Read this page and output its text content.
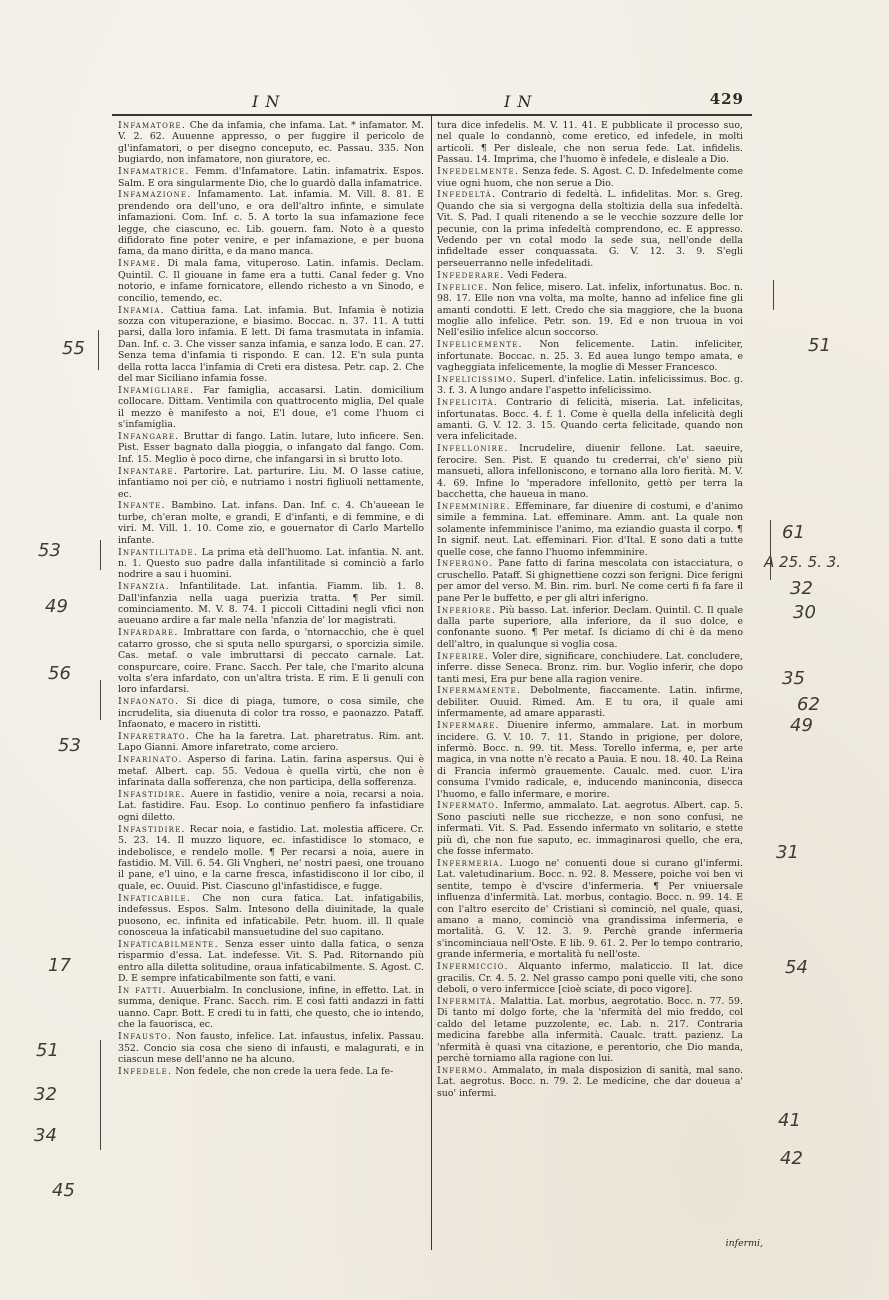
I N	I N	429
Infamatore. Che da infamia, che infama. Lat. * infamator. M. V. 2. 62. Auuenne appresso, o per fuggire il pericolo de gl'infamatori, o per disegno conceputo, ec. Passau. 335. Non bugiardo, non infamatore, non giuratore, ec.
Infamatrice. Femm. d'Infamatore. Latin. infamatrix. Espos. Salm. E ora singularmente Dio, che lo guardò dalla infamatrice.
Infamazione. Infamamento. Lat. infamia. M. Vill. 8. 81. E prendendo ora dell'uno, e ora dell'altro infinte, e simulate infamazioni. Com. Inf. c. 5. A torto la sua infamazione fece legge, che ciascuno, ec. Lib. gouern. fam. Noto è a questo difidorato fine poter venire, e per infamazione, e per buona fama, da mano diritta, e da mano manca.
Infame. Di mala fama, vituperoso. Latin. infamis. Declam. Quintil. C. Il giouane in fame era a tutti. Canal feder g. Vno notorio, e infame fornicatore, ellendo richesto a vn Sinodo, e concilio, temendo, ec.
Infamia. Cattiua fama. Lat. infamia. But. Infamia è notizia sozza con vituperazione, e biasimo. Boccac. n. 37. 11. A tutti parsi, dalla loro infamia. E lett. Di fama trasmutata in infamia. Dan. Inf. c. 3. Che visser sanza infamia, e sanza lodo. E can. 27. Senza tema d'infamia ti rispondo. E can. 12. E'n sula punta della rotta lacca l'infamia di Creti era distesa. Petr. cap. 2. Che del mar Siciliano infamia fosse.
Infamigliare. Far famiglia, accasarsi. Latin. domicilium collocare. Dittam. Ventimila con quattrocento miglia, Del quale il mezzo è manifesto a noi, E'l doue, e'l come l'huom ci s'infamiglia.
Infangare. Bruttar di fango. Latin. lutare, luto inficere. Sen. Pist. Esser bagnato dalla pioggia, o infangato dal fango. Com. Inf. 15. Meglio è poco dirne, che infangarsi in sì brutto loto.
Infantare. Partorire. Lat. parturire. Liu. M. O lasse catiue, infantiamo noi per ciò, e nutriamo i nostri figliuoli nettamente, ec.
Infante. Bambino. Lat. infans. Dan. Inf. c. 4. Ch'aueean le turbe, ch'eran molte, e grandi, E d'infanti, e di femmine, e di viri. M. Vill. 1. 10. Come zio, e gouernator di Carlo Martello infante.
Infantilitade. La prima età dell'huomo. Lat. infantia. N. ant. n. 1. Questo suo padre dalla infantilitade si cominciò a farlo nodrire a sau i huomini.
Infanzia. Infantilitade. Lat. infantia. Fiamm. lib. 1. 8. Dall'infanzia nella uaga puerizia tratta. ¶ Per simil. cominciamento. M. V. 8. 74. I piccoli Cittadini negli vfici non aueuano ardire a far male nella 'nfanzia de' lor magistrati.
Infardare. Imbrattare con farda, o 'ntornacchio, che è quel catarro grosso, che si sputa nello spurgarsi, o sporcizia simile. Cas. metaf. o vale imbruttarsi di peccato carnale. Lat. conspurcare, coire. Franc. Sacch. Per tale, che l'marito alcuna volta s'era infardato, con un'altra trista. E rim. E li genuli con loro infardarsi.
Infaonato. Si dice di piaga, tumore, o cosa simile, che incrudelita, sia diuenuta di color tra rosso, e paonazzo. Pataff. Infaonato, e macero in ristitti.
Infaretrato. Che ha la faretra. Lat. pharetratus. Rim. ant. Lapo Gianni. Amore infaretrato, come arciero.
Infarinato. Asperso di farina. Latin. farina aspersus. Qui è metaf. Albert. cap. 55. Vedoua è quella virtù, che non è infarinata dalla sofferenza, che non participa, della sofferenza.
Infastidire. Auere in fastidio, venire a noia, recarsi a noia. Lat. fastidire. Fau. Esop. Lo continuo penfiero fa infastidiare ogni diletto.
Infastidire. Recar noia, e fastidio. Lat. molestia afficere. Cr. 5. 23. 14. Il muzzo liquore, ec. infastidisce lo stomaco, e indebolisce, e rendelo molle. ¶ Per recarsi a noia, auere in fastidio. M. Vill. 6. 54. Gli Vngheri, ne' nostri paesi, one trouano il pane, e'l uino, e la carne fresca, infastidiscono il lor cibo, il quale, ec. Ouuid. Pist. Ciascuno gl'infastidisce, e fugge.
Infaticabile. Che non cura fatica. Lat. infatigabilis, indefessus. Espos. Salm. Intesono della diuinitade, la quale puosono, ec. infinita ed infaticabile. Petr. huom. ill. Il quale conosceua la infaticabil mansuetudine del suo capitano.
Infaticabilmente. Senza esser uinto dalla fatica, o senza risparmio d'essa. Lat. indefesse. Vit. S. Pad. Ritornando più entro alla diletta solitudine, oraua infaticabilmente. S. Agost. C. D. E sempre infaticabilmente son fatti, e vani.
In fatti. Auuerbialm. In conclusione, infine, in effetto. Lat. in summa, denique. Franc. Sacch. rim. E così fatti andazzi in fatti uanno. Capr. Bott. E credi tu in fatti, che questo, che io intendo, che la fauorisca, ec.
Infausto. Non fausto, infelice. Lat. infaustus, infelix. Passau. 352. Concio sia cosa che sieno di infausti, e malagurati, e in ciascun mese dell'anno ne ha alcuno.
Infedele. Non fedele, che non crede la uera fede. La fe-
tura dice infedelis. M. V. 11. 41. E pubblicate il processo suo, nel quale lo condannò, come eretico, ed infedele, in molti articoli. ¶ Per disleale, che non serua fede. Lat. infidelis. Passau. 14. Imprima, che l'huomo è infedele, e disleale a Dio.
Infedelmente. Senza fede. S. Agost. C. D. Infedelmente come viue ogni huom, che non serue a Dio.
Infedeltà. Contrario di fedeltà. L. infidelitas. Mor. s. Greg. Quando che sia si vergogna della stoltizia della sua infedeltà. Vit. S. Pad. I quali ritenendo a se le vecchie sozzure delle lor pecunie, con la prima infedeltà comprendono, ec. E appresso. Vedendo per vn cotal modo la sede sua, nell'onde della infideltade esser conquassata. G. V. 12. 3. 9. S'egli perseuerranno nelle infedelitadi.
Infederare. Vedi Federa.
Infelice. Non felice, misero. Lat. infelix, infortunatus. Boc. n. 98. 17. Elle non vna volta, ma molte, hanno ad infelice fine gli amanti condotti. E lett. Credo che sia maggiore, che la buona moglie allo infelice. Petr. son. 19. Ed e non truoua in voi Nell'esilio infelice alcun soccorso.
Infelicemente. Non felicemente. Latin. infeliciter, infortunate. Boccac. n. 25. 3. Ed auea lungo tempo amata, e vagheggiata infelicemente, la moglie di Messer Francesco.
Infelicissimo. Superl. d'infelice. Latin. infelicissimus. Boc. g. 3. f. 3. A lungo andare l'aspetto infelicissimo.
Infelicità. Contrario di felicità, miseria. Lat. infelicitas, infortunatas. Bocc. 4. f. 1. Come è quella della infelicità degli amanti. G. V. 12. 3. 15. Quando certa felicitade, quando non vera infelicitade.
Infellonire. Incrudelire, diuenir fellone. Lat. saeuire, ferocire. Sen. Pist. E quando tu crederrai, ch'e' sieno più mansueti, allora infellonisconо, e tornano alla loro fierità. M. V. 4. 69. Infine lo 'mperadore infellonito, gettò per terra la bacchetta, che haueua in mano.
Infemminire. Effeminare, far diuenire di costumi, e d'animo simile a femmina. Lat. effeminare. Amm. ant. La quale non solamente infemminisce l'animo, ma eziandio guasta il corpo. ¶ In signif. neut. Lat. effeminari. Fior. d'Ital. E sono dati a tutte quelle cose, che fanno l'huomo infemminire.
Infergno. Pane fatto di farina mescolata con istacciatura, o cruschello. Pataff. Si ghignettiene cozzi son ferigni. Dice ferigni per amor del verso. M. Bin. rim. burl. Ne come certi fi fa fare il pane Per le buffetto, e per gli altri inferigno.
Inferiore. Più basso. Lat. inferior. Declam. Quintil. C. Il quale dalla parte superiore, alla inferiore, da il suo dolce, e confonante suono. ¶ Per metaf. Is diciamo di chi è da meno dell'altro, in qualunque si voglia cosa.
Inferire. Voler dire, significare, conchiudere. Lat. concludere, inferre. disse Seneca. Bronz. rim. bur. Voglio inferir, che dopo tanti mesi, Era pur bene alla ragion venire.
Infermamente. Debolmente, fiaccamente. Latin. infirme, debiliter. Ouuid. Rimed. Am. E tu ora, il quale ami infermamente, ad amare apparasti.
Infermare. Diuenire infermo, ammalare. Lat. in morbum incidere. G. V. 10. 7. 11. Stando in prigione, per dolore, infermò. Bocc. n. 99. tit. Mess. Torello inferma, e, per arte magica, in vna notte n'è recato a Pauia. E nou. 18. 40. La Reina di Francia infermò grauemente. Caualc. med. cuor. L'ira consuma l'vmido radicale, e, inducendo maninconia, disecca l'huomo, e fallo infermare, e morire.
Infermato. Infermo, ammalato. Lat. aegrotus. Albert. cap. 5. Sono pasciuti nelle sue ricchezze, e non sono confusi, ne infermati. Vit. S. Pad. Essendo infermato vn solitario, e stette più dì, che non fue saputo, ec. immaginarosi quello, che era, che fosse infermato.
Infermeria. Luogo ne' conuenti doue si curano gl'infermi. Lat. valetudinarium. Bocc. n. 92. 8. Messere, poiche voi ben vi sentite, tempo è d'vscire d'infermeria. ¶ Per vniuersale influenza d'infermità. Lat. morbus, contagio. Bocc. n. 99. 14. E con l'altro esercito de' Cristiani sì cominciò, nel quale, quasi, amano a mano, cominciò vna grandissima infermeria, e mortalità. G. V. 12. 3. 9. Perchè grande infermeria s'incominciaua nell'Oste. E lib. 9. 61. 2. Per lo tempo contrario, grande infermeria, e mortalità fu nell'oste.
Infermiccio. Alquanto infermo, malaticcio. Il lat. dice gracilis. Cr. 4. 5. 2. Nel grasso campo poni quelle viti, che sono deboli, o vero infermicce [cioè sciate, di poco vigore].
Infermità. Malattia. Lat. morbus, aegrotatio. Bocc. n. 77. 59. Di tanto mi dolgo forte, che la 'nfermità del mio freddo, col caldo del letame puzzolente, ec. Lab. n. 217. Contraria medicina farebbe alla infermità. Caualc. tratt. pazienz. La 'nfermità è quasi vna citazione, e perentorio, che Dio manda, perchè torniamo alla ragione con lui.
Infermo. Ammalato, in mala disposizion di sanità, mal sano. Lat. aegrotus. Bocc. n. 79. 2. Le medicine, che dar doueua a' suo' infermi.
infermi,
55	51
53
61
A 25. 5. 3.
49
32
30
35
62
49
56
53
31
17	54
51
32
34
45
41
42
